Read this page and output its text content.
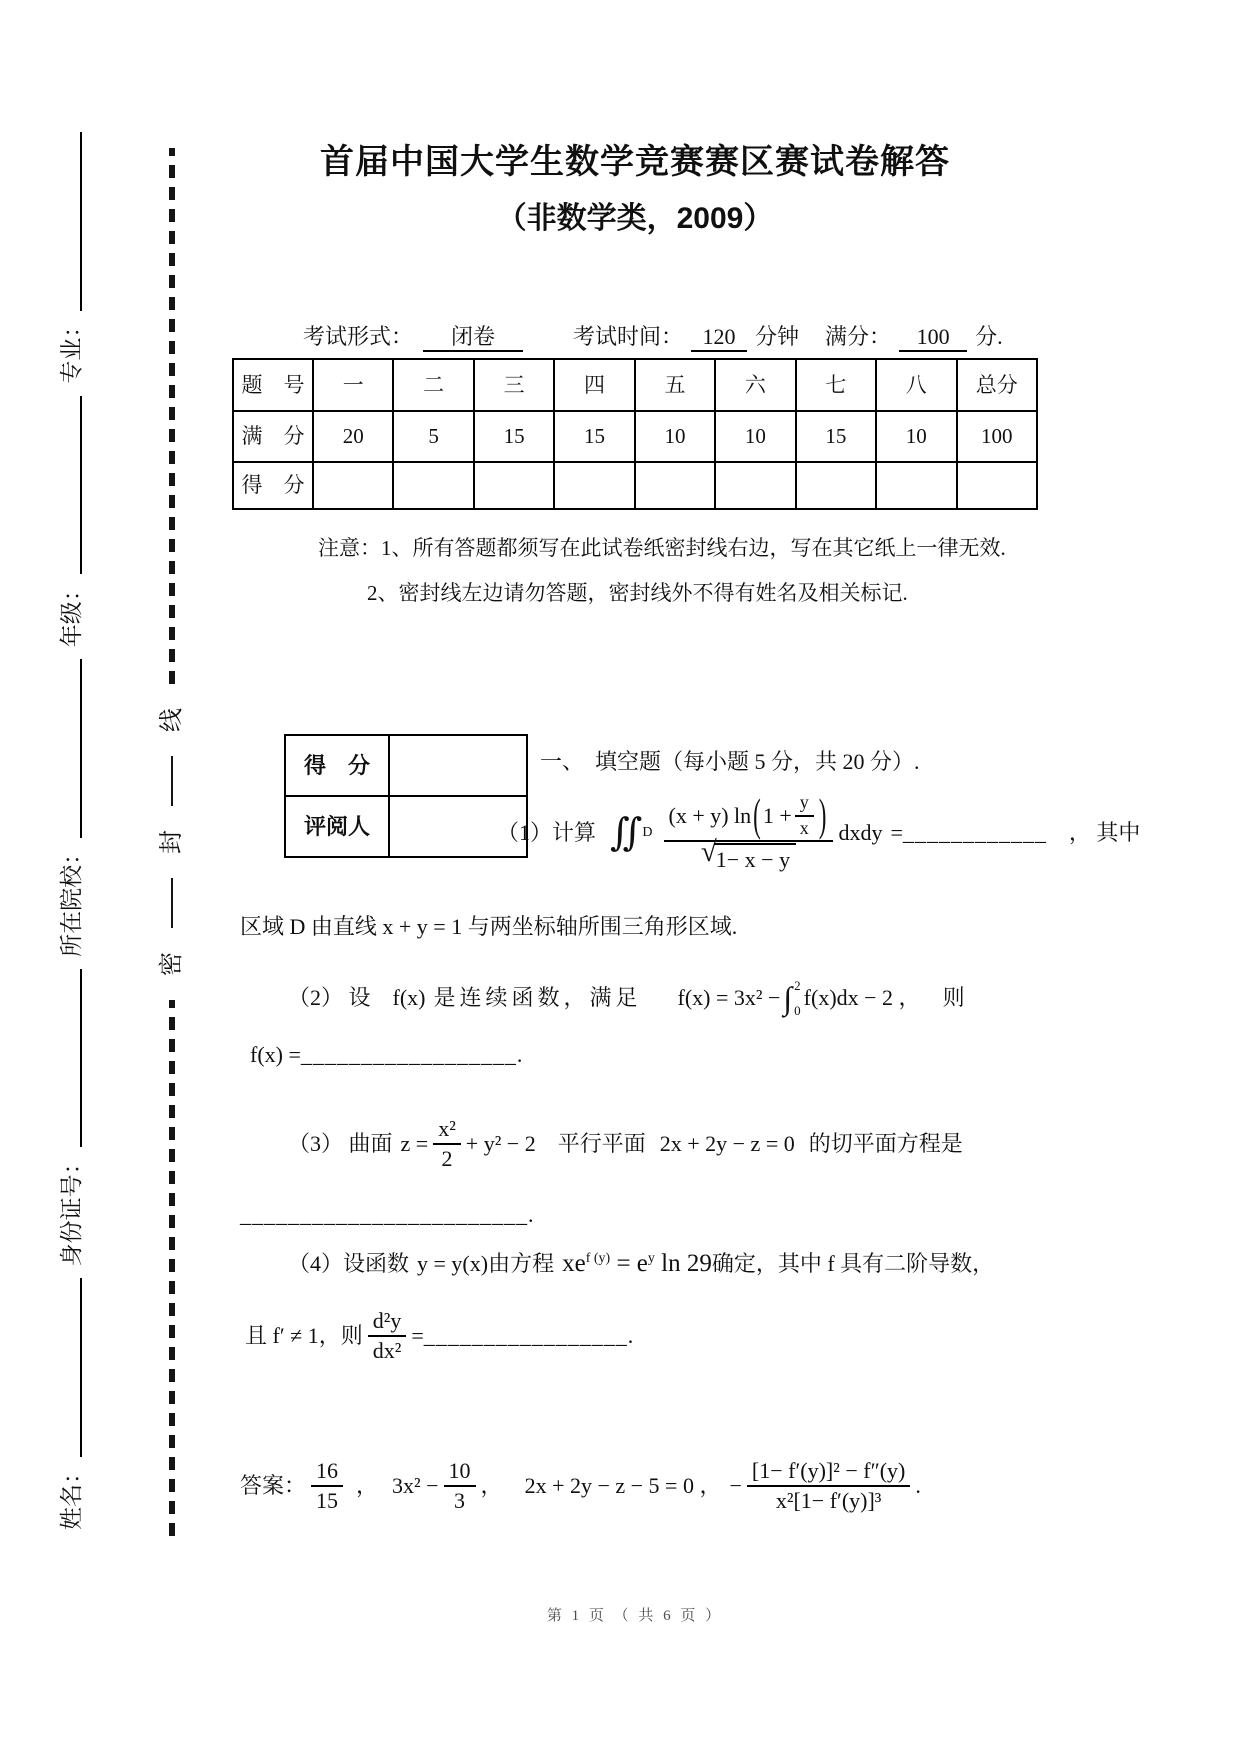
姓名：
身份证号：
所在院校：
年级：
专业：
密
封
线
首届中国大学生数学竞赛赛区赛试卷解答
（非数学类，2009）
考试形式： 闭卷	考试时间： 120 分钟 满分： 100 分.
题　号	一	二	三	四	五	六	七	八	总分
满　分	20	5	15	15	10	10	15	10	100
得　分									
注意：1、所有答题都须写在此试卷纸密封线右边，写在其它纸上一律无效.
2、密封线左边请勿答题，密封线外不得有姓名及相关标记.
得　分	
评阅人	
一、　填空题（每小题 5 分，共 20 分）.
（1）计算 ∬ D
(x + y) ln ( $1 + \frac{y}{x}$ )
√ 1− x − y
dxdy = ____________ ， 其中
区域 D 由直线 x + y = 1 与两坐标轴所围三角形区域.
（2） 设 f(x) 是连续函数，满足 f(x) = 3x² − ∫ 2
0
f(x)dx − 2 ， 则
f(x) = __________________ .
（3） 曲面 $z = \frac{\text{x²}}{2} + y^2 - 2$ 平行平面 2x + 2y − z = 0 的切平面方程是
________________________ .
（4）设函数 y = y(x) 由方程 $xe^{f (y)} = e^y$ ln 29 确定，其中 f 具有二阶导数，
且 f′ ≠ 1，则 $\frac{\text{d²y}}{\text{dx²}}$ = _________________ .
答案： $\frac{16}{15}$ ， $3x^2 - \frac{10}{3}$ ， 2x + 2y − z − 5 = 0 ， − $\frac{\text{[1− f′(y)]² − f″(y)}}{\text{x²[1− f′(y)]³}}$ .
第 1 页 （ 共 6 页 ）
